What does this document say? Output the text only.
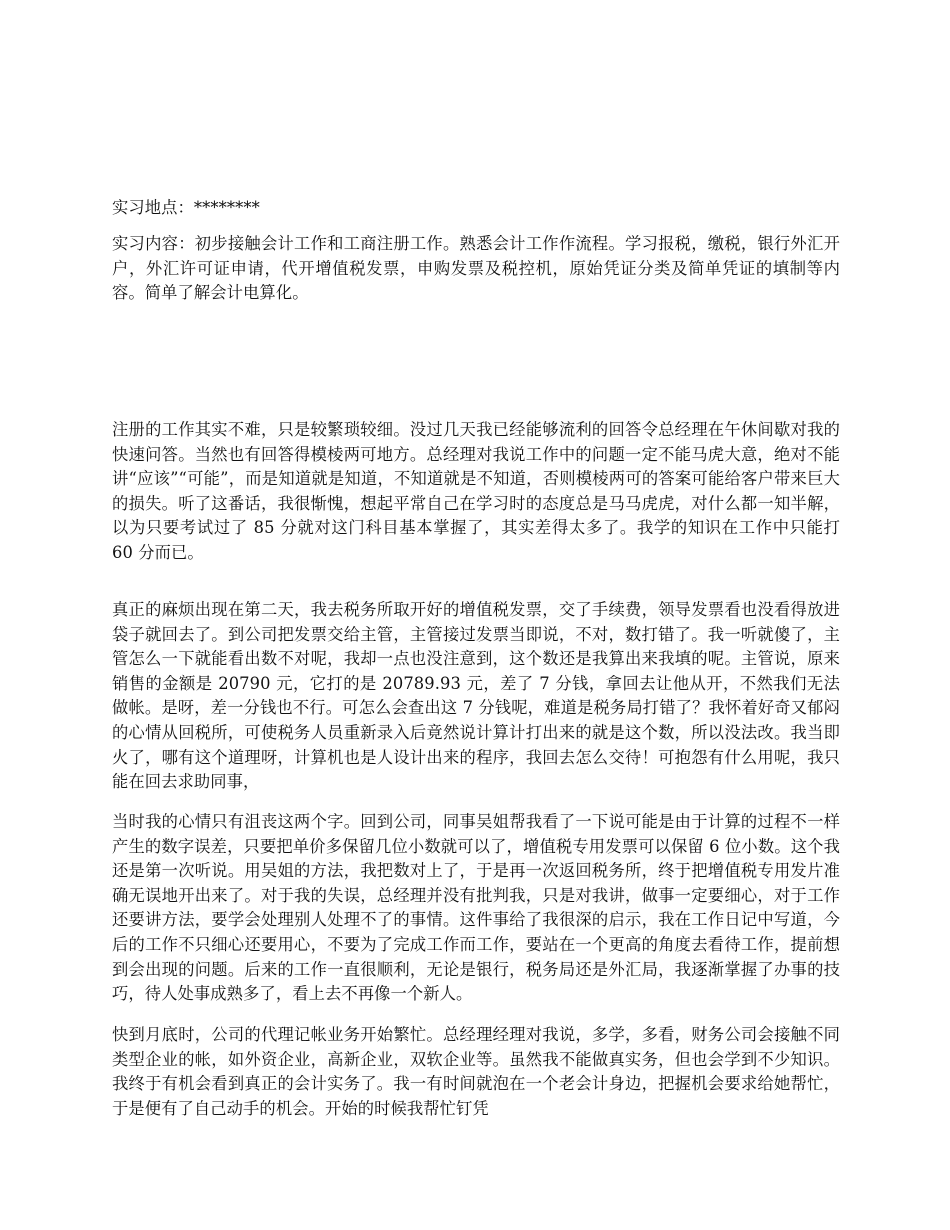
实习地点：********

实习内容：初步接触会计工作和工商注册工作。熟悉会计工作作流程。学习报税，缴税，银行外汇开户，外汇许可证申请，代开增值税发票，申购发票及税控机，原始凭证分类及简单凭证的填制等内容。简单了解会计电算化。

注册的工作其实不难，只是较繁琐较细。没过几天我已经能够流利的回答令总经理在午休间歇对我的快速问答。当然也有回答得模棱两可地方。总经理对我说工作中的问题一定不能马虎大意，绝对不能讲“应该”“可能”，而是知道就是知道，不知道就是不知道，否则模棱两可的答案可能给客户带来巨大的损失。听了这番话，我很惭愧，想起平常自己在学习时的态度总是马马虎虎，对什么都一知半解，以为只要考试过了 85 分就对这门科目基本掌握了，其实差得太多了。我学的知识在工作中只能打 60 分而已。

真正的麻烦出现在第二天，我去税务所取开好的增值税发票，交了手续费，领导发票看也没看得放进袋子就回去了。到公司把发票交给主管，主管接过发票当即说，不对，数打错了。我一听就傻了，主管怎么一下就能看出数不对呢，我却一点也没注意到，这个数还是我算出来我填的呢。主管说，原来销售的金额是 20790 元，它打的是 20789.93 元，差了 7 分钱，拿回去让他从开，不然我们无法做帐。是呀，差一分钱也不行。可怎么会查出这 7 分钱呢，难道是税务局打错了？我怀着好奇又郁闷的心情从回税所，可使税务人员重新录入后竟然说计算计打出来的就是这个数，所以没法改。我当即火了，哪有这个道理呀，计算机也是人设计出来的程序，我回去怎么交待！可抱怨有什么用呢，我只能在回去求助同事，

当时我的心情只有沮丧这两个字。回到公司，同事吴姐帮我看了一下说可能是由于计算的过程不一样产生的数字误差，只要把单价多保留几位小数就可以了，增值税专用发票可以保留 6 位小数。这个我还是第一次听说。用吴姐的方法，我把数对上了，于是再一次返回税务所，终于把增值税专用发片准确无误地开出来了。对于我的失误，总经理并没有批判我，只是对我讲，做事一定要细心，对于工作还要讲方法，要学会处理别人处理不了的事情。这件事给了我很深的启示，我在工作日记中写道，今后的工作不只细心还要用心，不要为了完成工作而工作，要站在一个更高的角度去看待工作，提前想到会出现的问题。后来的工作一直很顺利，无论是银行，税务局还是外汇局，我逐渐掌握了办事的技巧，待人处事成熟多了，看上去不再像一个新人。

快到月底时，公司的代理记帐业务开始繁忙。总经理经理对我说，多学，多看，财务公司会接触不同类型企业的帐，如外资企业，高新企业，双软企业等。虽然我不能做真实务，但也会学到不少知识。我终于有机会看到真正的会计实务了。我一有时间就泡在一个老会计身边，把握机会要求给她帮忙，于是便有了自己动手的机会。开始的时候我帮忙钉凭
